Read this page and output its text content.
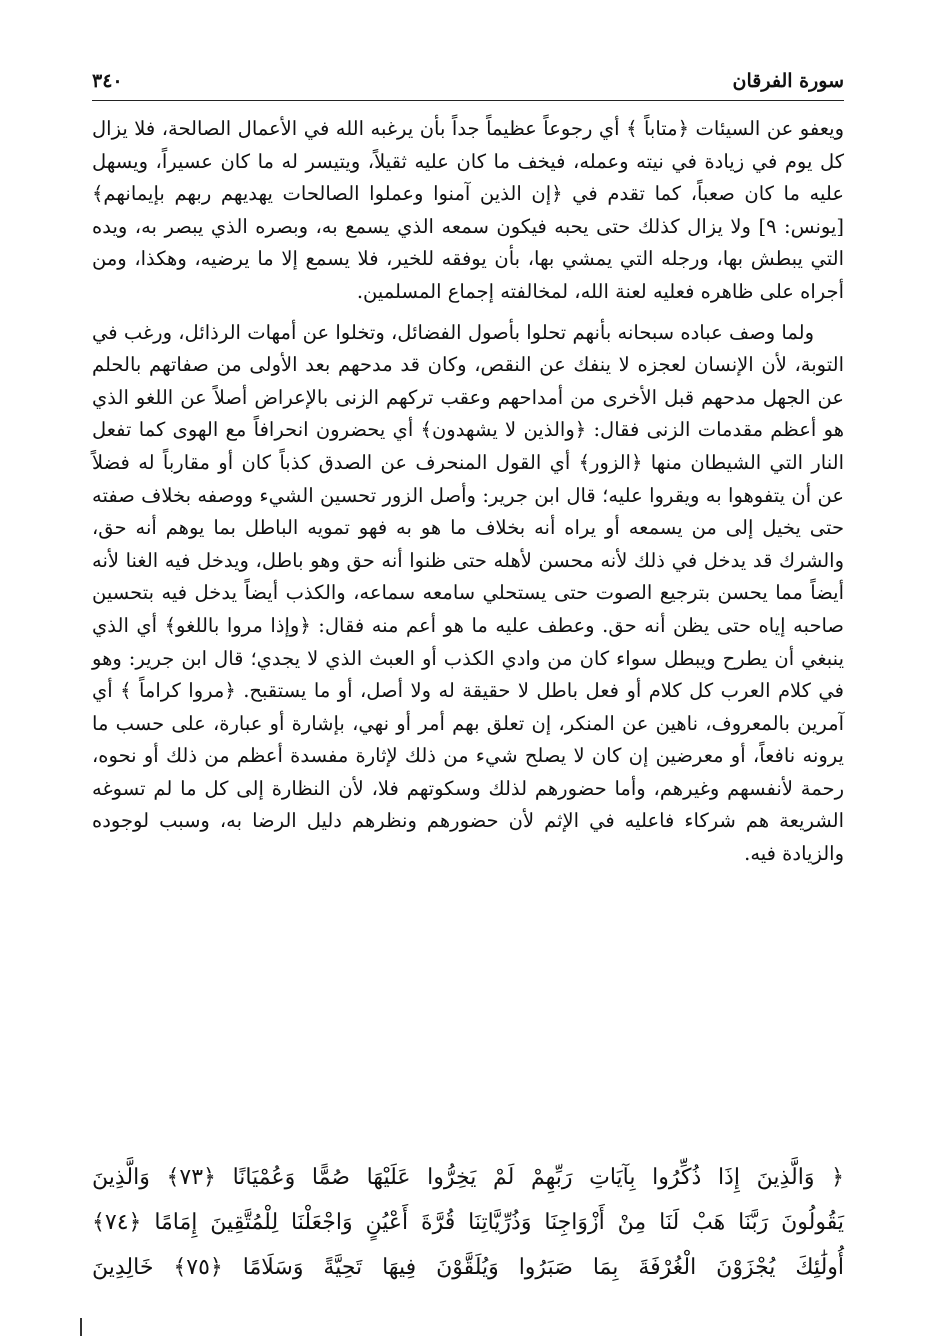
سورة الفرقان
٣٤٠

ويعفو عن السيئات ﴿متاباً ﴾ أي رجوعاً عظيماً جداً بأن يرغبه الله في الأعمال الصالحة، فلا يزال كل يوم في زيادة في نيته وعمله، فيخف ما كان عليه ثقيلاً، ويتيسر له ما كان عسيراً، ويسهل عليه ما كان صعباً، كما تقدم في ﴿إن الذين آمنوا وعملوا الصالحات يهديهم ربهم بإيمانهم﴾ [يونس: ٩] ولا يزال كذلك حتى يحبه فيكون سمعه الذي يسمع به، وبصره الذي يبصر به، ويده التي يبطش بها، ورجله التي يمشي بها، بأن يوفقه للخير، فلا يسمع إلا ما يرضيه، وهكذا، ومن أجراه على ظاهره فعليه لعنة الله، لمخالفته إجماع المسلمين.

ولما وصف عباده سبحانه بأنهم تحلوا بأصول الفضائل، وتخلوا عن أمهات الرذائل، ورغب في التوبة، لأن الإنسان لعجزه لا ينفك عن النقص، وكان قد مدحهم بعد الأولى من صفاتهم بالحلم عن الجهل مدحهم قبل الأخرى من أمداحهم وعقب تركهم الزنى بالإعراض أصلاً عن اللغو الذي هو أعظم مقدمات الزنى فقال: ﴿والذين لا يشهدون﴾ أي يحضرون انحرافاً مع الهوى كما تفعل النار التي الشيطان منها ﴿الزور﴾ أي القول المنحرف عن الصدق كذباً كان أو مقارباً له فضلاً عن أن يتفوهوا به ويقروا عليه؛ قال ابن جرير: وأصل الزور تحسين الشيء ووصفه بخلاف صفته حتى يخيل إلى من يسمعه أو يراه أنه بخلاف ما هو به فهو تمويه الباطل بما يوهم أنه حق، والشرك قد يدخل في ذلك لأنه محسن لأهله حتى ظنوا أنه حق وهو باطل، ويدخل فيه الغنا لأنه أيضاً مما يحسن بترجيع الصوت حتى يستحلي سامعه سماعه، والكذب أيضاً يدخل فيه بتحسين صاحبه إياه حتى يظن أنه حق. وعطف عليه ما هو أعم منه فقال: ﴿وإذا مروا باللغو﴾ أي الذي ينبغي أن يطرح ويبطل سواء كان من وادي الكذب أو العبث الذي لا يجدي؛ قال ابن جرير: وهو في كلام العرب كل كلام أو فعل باطل لا حقيقة له ولا أصل، أو ما يستقبح. ﴿مروا كراماً ﴾ أي آمرين بالمعروف، ناهين عن المنكر، إن تعلق بهم أمر أو نهي، بإشارة أو عبارة، على حسب ما يرونه نافعاً، أو معرضين إن كان لا يصلح شيء من ذلك لإثارة مفسدة أعظم من ذلك أو نحوه، رحمة لأنفسهم وغيرهم، وأما حضورهم لذلك وسكوتهم فلا، لأن النظارة إلى كل ما لم تسوغه الشريعة هم شركاء فاعليه في الإثم لأن حضورهم ونظرهم دليل الرضا به، وسبب لوجوده والزيادة فيه.

﴿ وَالَّذِينَ إِذَا ذُكِّرُوا بِآيَاتِ رَبِّهِمْ لَمْ يَخِرُّوا عَلَيْهَا صُمًّا وَعُمْيَانًا ﴿٧٣﴾ وَالَّذِينَ

يَقُولُونَ رَبَّنَا هَبْ لَنَا مِنْ أَزْوَاجِنَا وَذُرِّيَّاتِنَا قُرَّةَ أَعْيُنٍ وَاجْعَلْنَا لِلْمُتَّقِينَ إِمَامًا ﴿٧٤﴾

أُولَٰئِكَ يُجْزَوْنَ الْغُرْفَةَ بِمَا صَبَرُوا وَيُلَقَّوْنَ فِيهَا تَحِيَّةً وَسَلَامًا ﴿٧٥﴾ خَالِدِينَ
